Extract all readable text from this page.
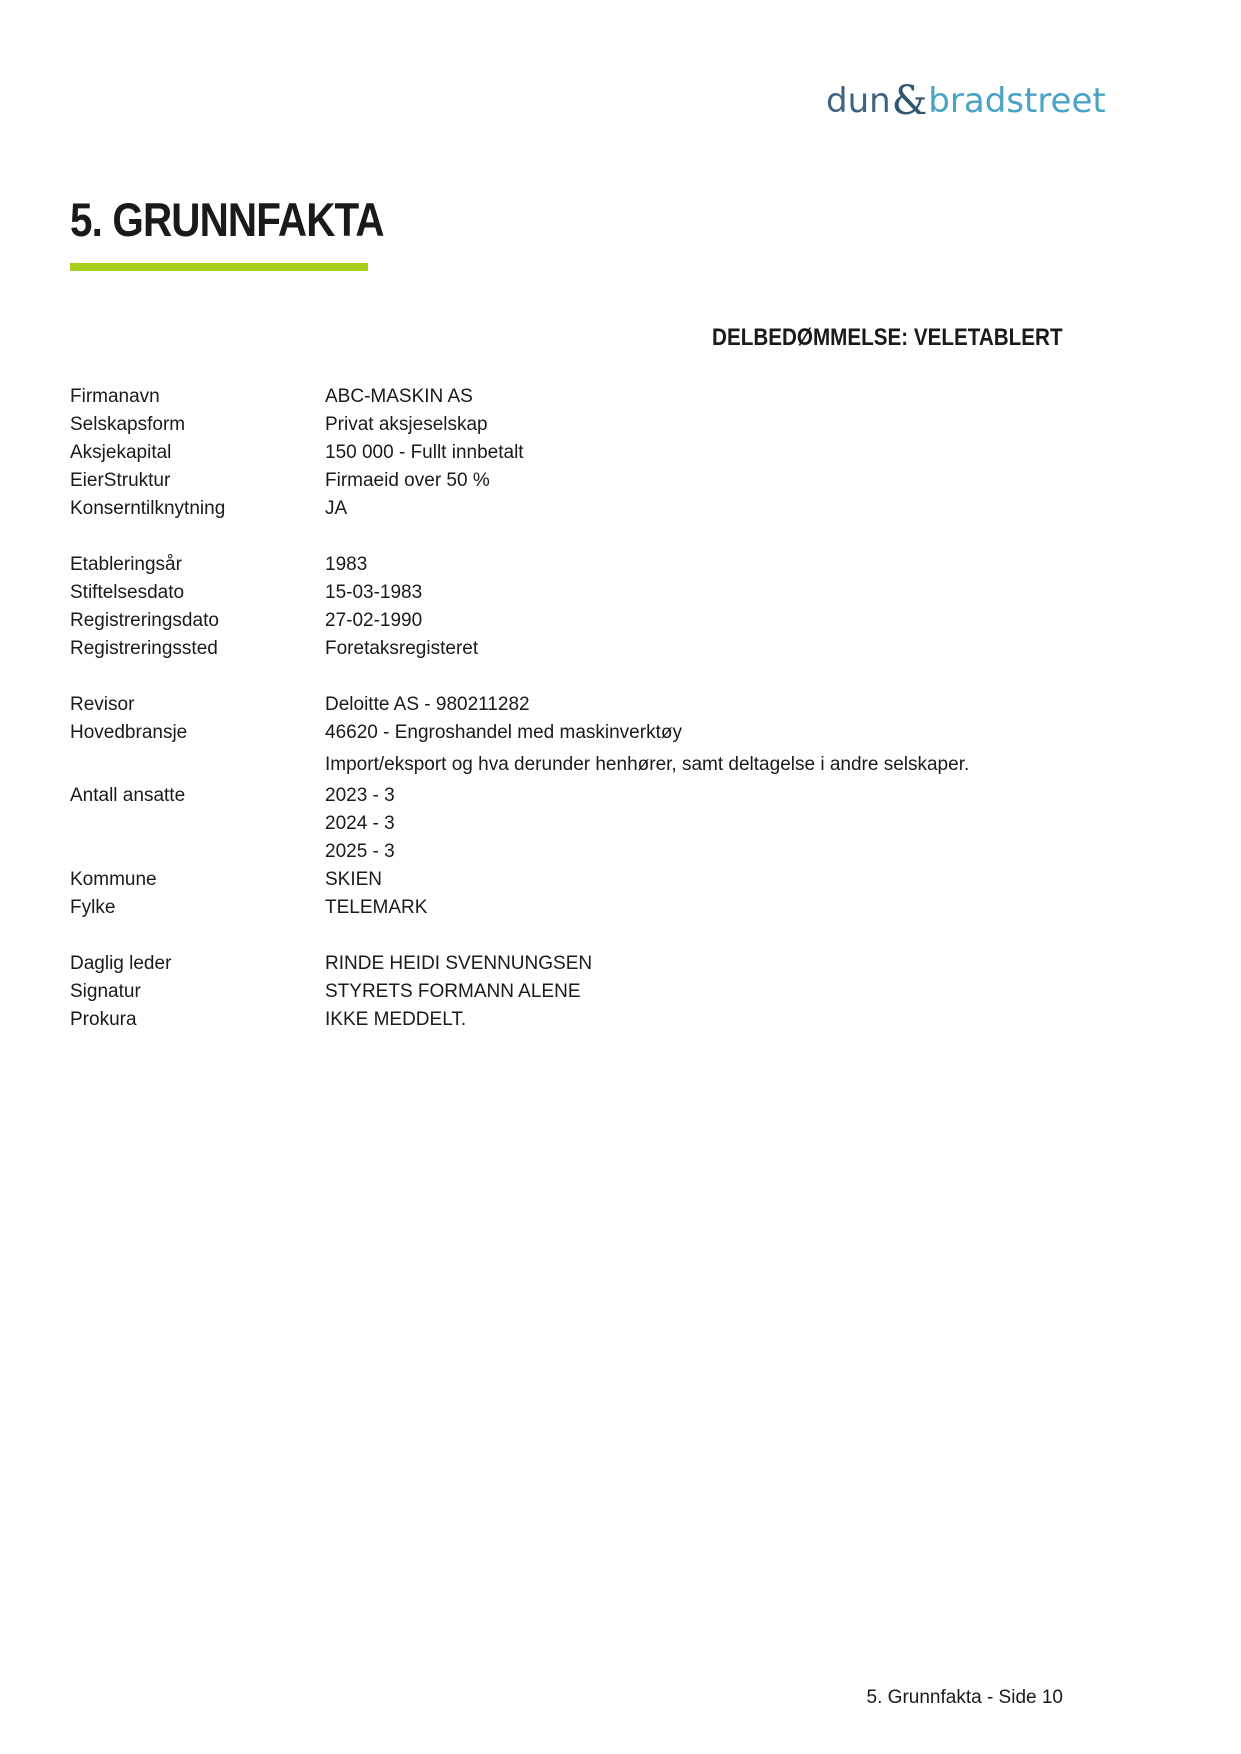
dun&bradstreet
5. GRUNNFAKTA
DELBEDØMMELSE: VELETABLERT
Firmanavn	ABC-MASKIN AS
Selskapsform	Privat aksjeselskap
Aksjekapital	150 000 - Fullt innbetalt
EierStruktur	Firmaeid over 50 %
Konserntilknytning	JA
Etableringsår	1983
Stiftelsesdato	15-03-1983
Registreringsdato	27-02-1990
Registreringssted	Foretaksregisteret
Revisor	Deloitte AS - 980211282
Hovedbransje	46620 - Engroshandel med maskinverktøy
Import/eksport og hva derunder henhører, samt deltagelse i andre selskaper.
Antall ansatte	2023 - 3
2024 - 3
2025 - 3
Kommune	SKIEN
Fylke	TELEMARK
Daglig leder	RINDE HEIDI SVENNUNGSEN
Signatur	STYRETS FORMANN ALENE
Prokura	IKKE MEDDELT.
5. Grunnfakta - Side 10
